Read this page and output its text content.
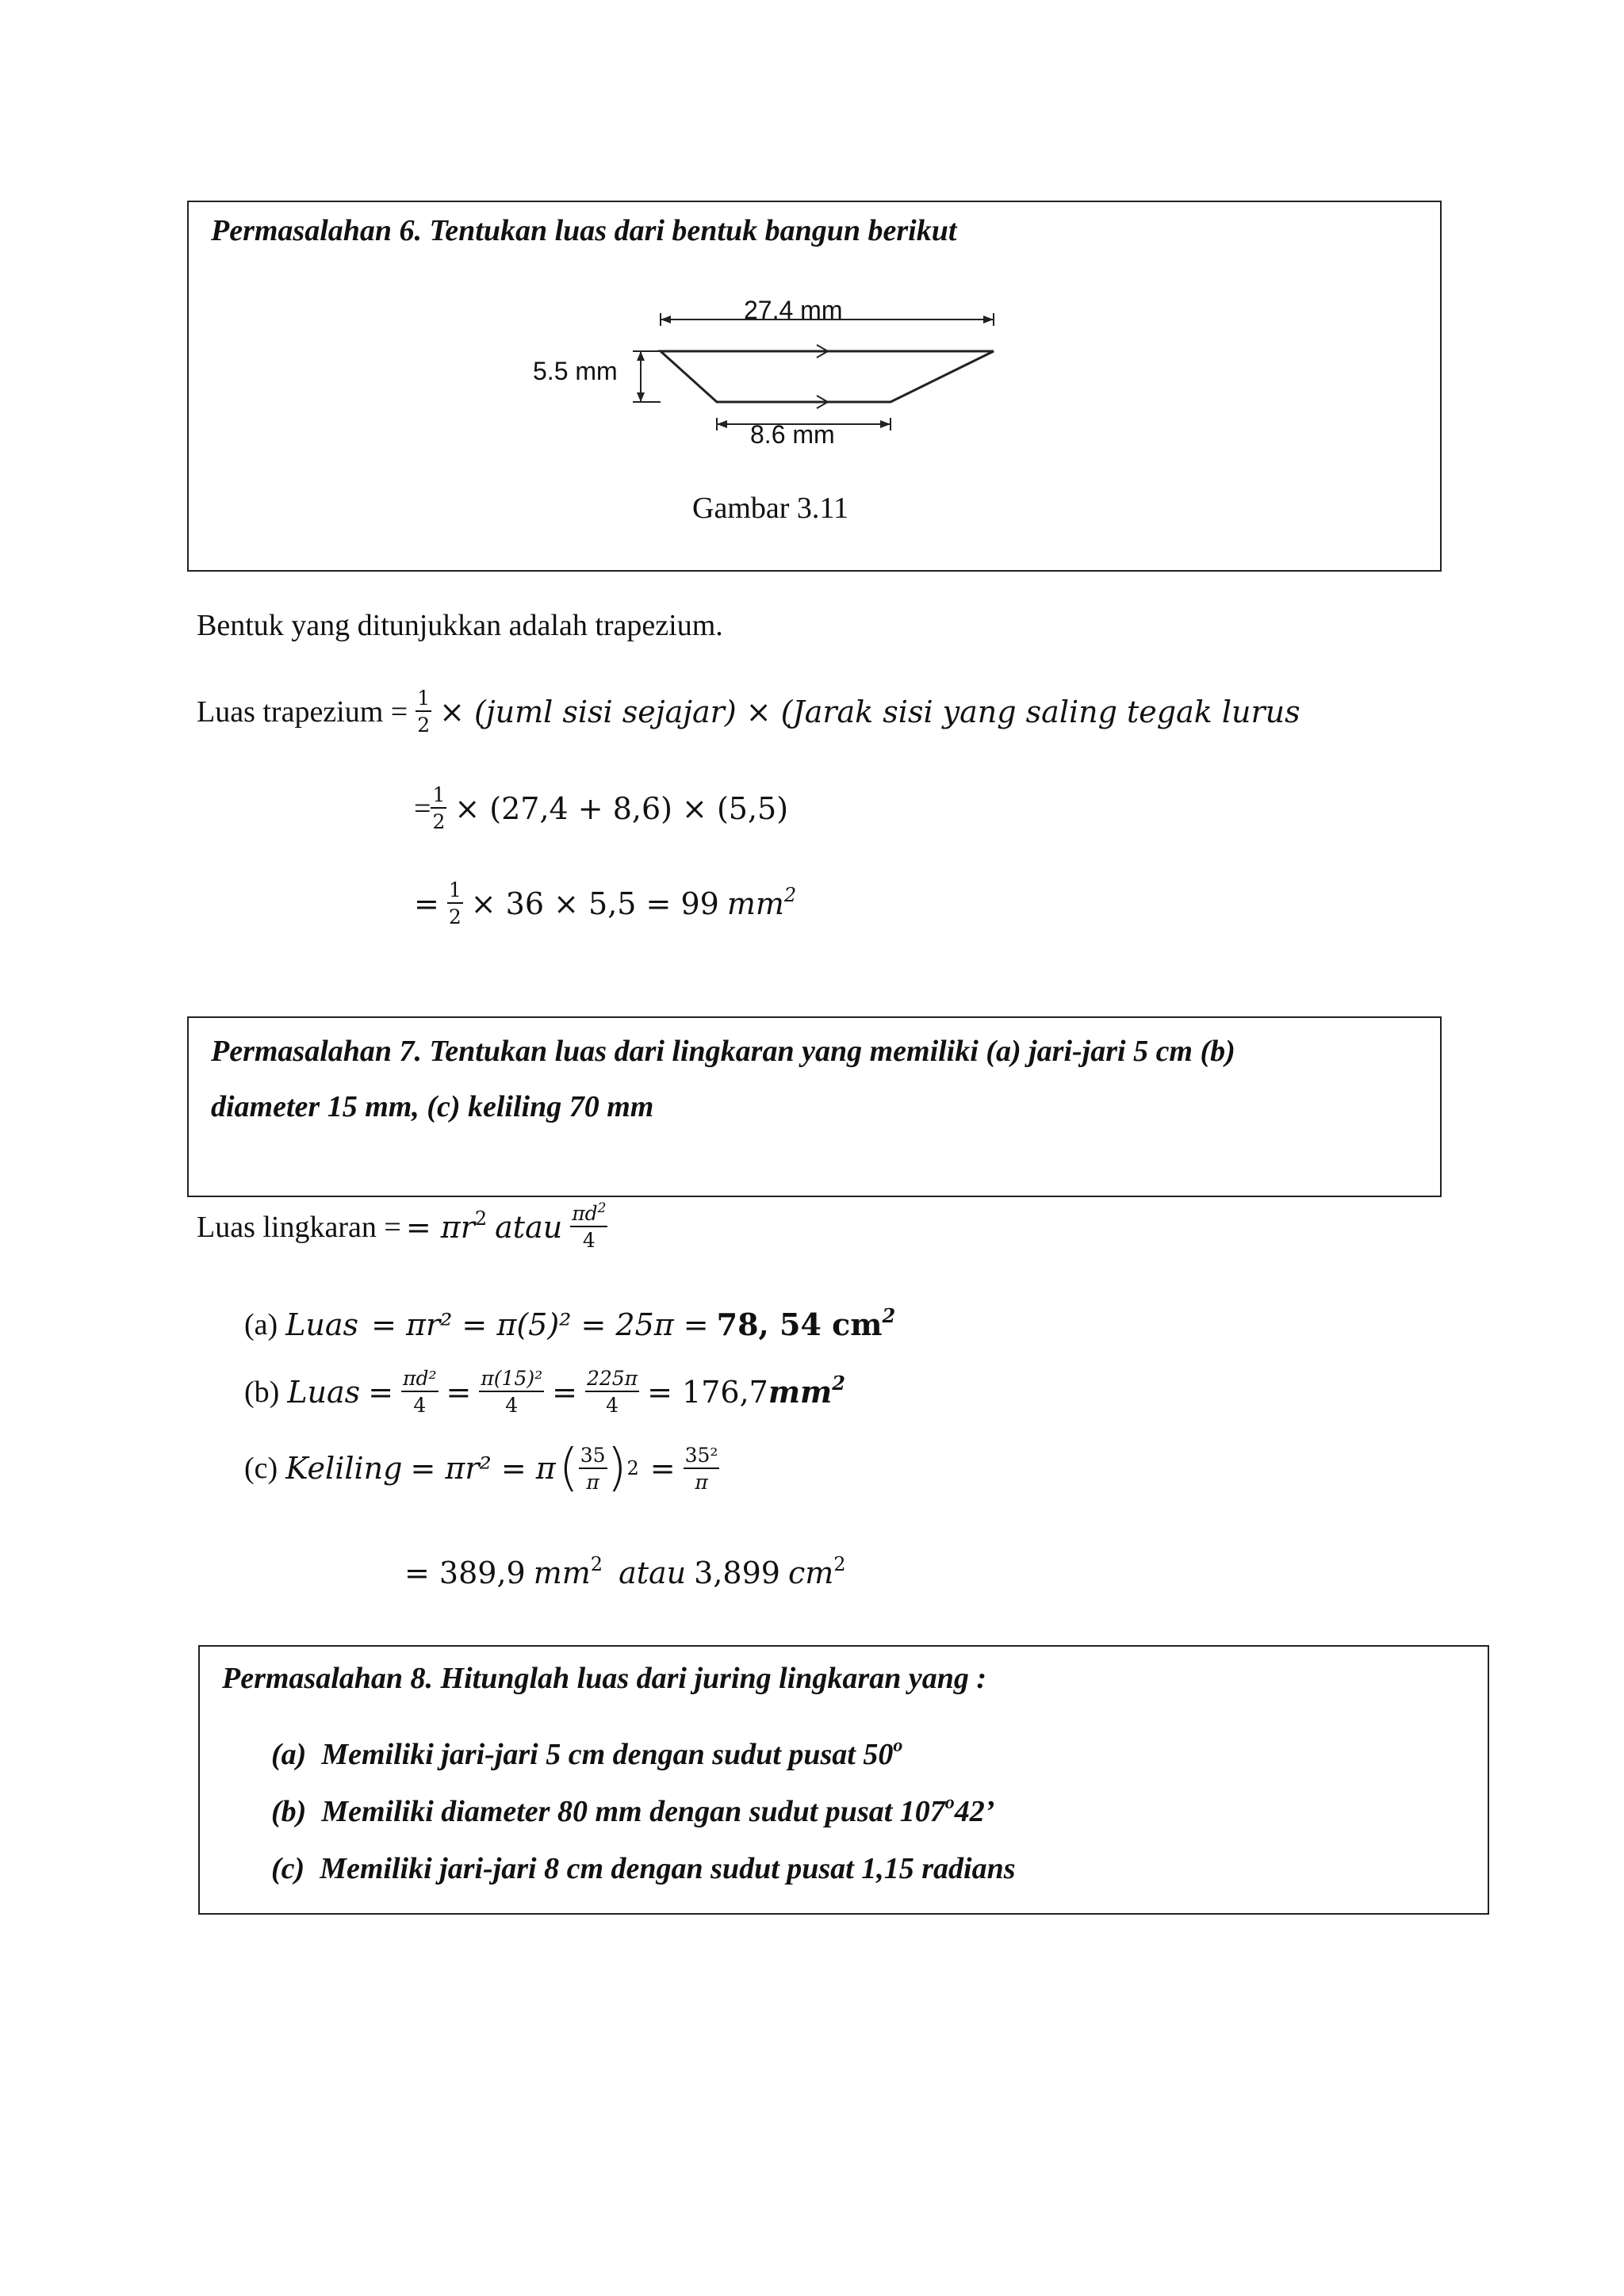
Permasalahan 6. Tentukan luas dari bentuk bangun berikut
27.4 mm
5.5 mm
8.6 mm
Gambar 3.11
Bentuk yang ditunjukkan adalah trapezium.
Luas trapezium = $\frac{1}{2}$ × (juml sisi sejajar) × (Jarak sisi yang saling tegak lurus
= $\frac{1}{2} \times (27,4 + 8,6) \times (5,5)$
= $\frac{1}{2} \times 36 \times 5,5 = 99$ $mm^2$
Permasalahan 7. Tentukan luas dari lingkaran yang memiliki (a) jari-jari 5 cm (b)
diameter 15 mm, (c) keliling 70 mm
Luas lingkaran = = $\pi r^2$ atau $\frac{\pi d^2}{4}$
(a) Luas = πr² = π(5)² = 25π = 78, 54 $cm^2$
(b) Luas = $\frac{\text{πd²}}{4} = \frac{\text{π(15)²}}{4} = \frac{225\pi}{4} = 176,7$ $mm^2$
(c) Keliling = πr² = π ( $\frac{35}{\pi}$ ) $2 = \frac{\text{35²}}{\pi}$
= 389,9 $mm^2$ atau 3,899 $cm^2$
Permasalahan 8. Hitunglah luas dari juring lingkaran yang :
(a) Memiliki jari-jari 5 cm dengan sudut pusat 50$^o$
(b) Memiliki diameter 80 mm dengan sudut pusat 107$^o$42’
(c) Memiliki jari-jari 8 cm dengan sudut pusat 1,15 radians
